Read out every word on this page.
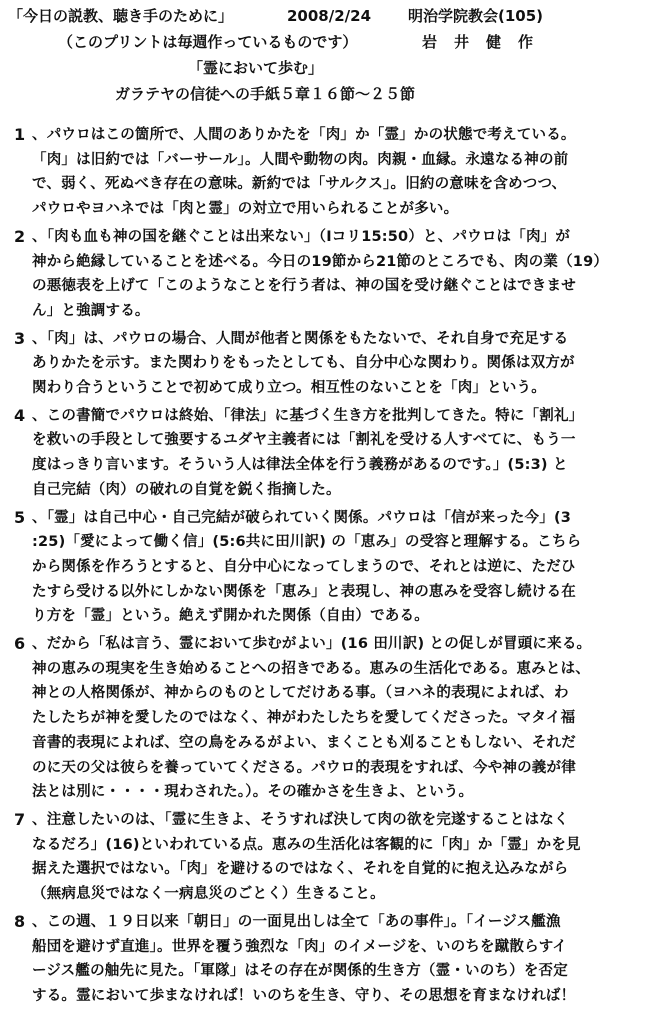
「今日の説教、聴き手のために」	2008/2/24 明治学院教会(105)
（このプリントは毎週作っているものです）	岩　井　健　作
「霊において歩む」
ガラテヤの信徒への手紙５章１６節～２５節
1 、パウロはこの箇所で、人間のありかたを「肉」か「霊」かの状態で考えている。
「肉」は旧約では「バーサール」。人間や動物の肉。肉親・血縁。永遠なる神の前
で、弱く、死ぬべき存在の意味。新約では「サルクス」。旧約の意味を含めつつ、
パウロやヨハネでは「肉と霊」の対立で用いられることが多い。
2 、「肉も血も神の国を継ぐことは出来ない」（Ⅰコリ15:50）と、パウロは「肉」が
神から絶縁していることを述べる。今日の19節から21節のところでも、肉の業（19）
の悪徳表を上げて「このようなことを行う者は、神の国を受け継ぐことはできませ
ん」と強調する。
3 、「肉」は、パウロの場合、人間が他者と関係をもたないで、それ自身で充足する
ありかたを示す。また関わりをもったとしても、自分中心な関わり。関係は双方が
関わり合うということで初めて成り立つ。相互性のないことを「肉」という。
4 、この書簡でパウロは終始、「律法」に基づく生き方を批判してきた。特に「割礼」
を救いの手段として強要するユダヤ主義者には「割礼を受ける人すべてに、もう一
度はっきり言います。そういう人は律法全体を行う義務があるのです。」(5:3) と
自己完結（肉）の破れの自覚を鋭く指摘した。
5 、「霊」は自己中心・自己完結が破られていく関係。パウロは「信が来った今」(3
:25)「愛によって働く信」(5:6共に田川訳) の「恵み」の受容と理解する。こちら
から関係を作ろうとすると、自分中心になってしまうので、それとは逆に、ただひ
たすら受ける以外にしかない関係を「恵み」と表現し、神の恵みを受容し続ける在
り方を「霊」という。絶えず開かれた関係（自由）である。
6 、だから「私は言う、霊において歩むがよい」(16 田川訳) との促しが冒頭に来る。
神の恵みの現実を生き始めることへの招きである。恵みの生活化である。恵みとは、
神との人格関係が、神からのものとしてだけある事。（ヨハネ的表現によれば、わ
たしたちが神を愛したのではなく、神がわたしたちを愛してくださった。マタイ福
音書的表現によれば、空の鳥をみるがよい、まくことも刈ることもしない、それだ
のに天の父は彼らを養っていてくださる。パウロ的表現をすれば、今や神の義が律
法とは別に・・・・現わされた。）。その確かさを生きよ、という。
7 、注意したいのは、「霊に生きよ、そうすれば決して肉の欲を完遂することはなく
なるだろ」(16)といわれている点。恵みの生活化は客観的に「肉」か「霊」かを見
据えた選択ではない。「肉」を避けるのではなく、それを自覚的に抱え込みながら
（無病息災ではなく一病息災のごとく）生きること。
8 、この週、１９日以来「朝日」の一面見出しは全て「あの事件」。「イージス艦漁
船団を避けず直進」。世界を覆う強烈な「肉」のイメージを、いのちを蹴散らすイ
ージス艦の舳先に見た。「軍隊」はその存在が関係的生き方（霊・いのち）を否定
する。霊において歩まなければ！いのちを生き、守り、その思想を育まなければ！
